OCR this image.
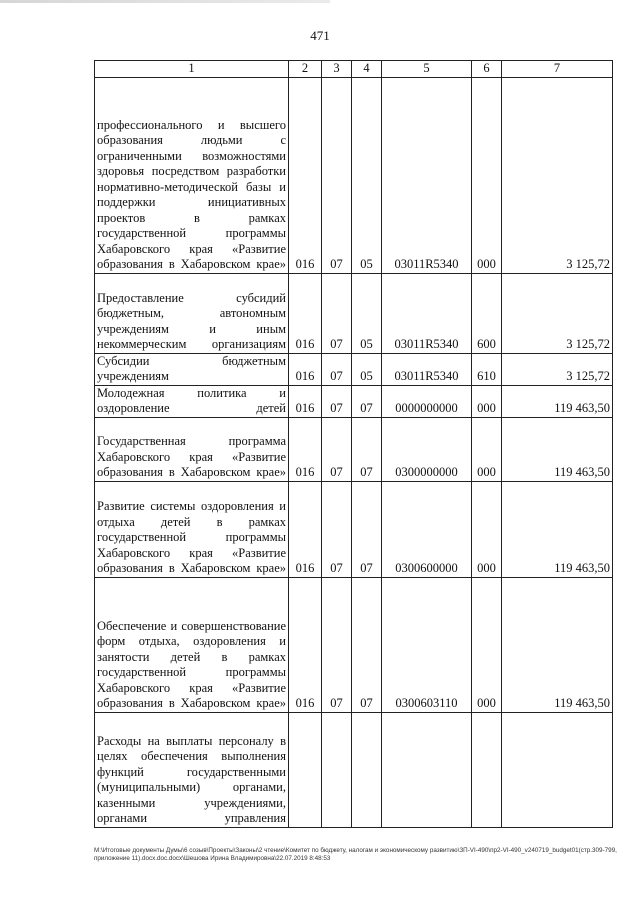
471
1	2	3	4	5	6	7
профессионального и высшего образования людьми с ограниченными возможностями здоровья посредством разработки нормативно-методической базы и поддержки инициативных проектов в рамках государственной программы Хабаровского края «Развитие образования в Хабаровском крае»	016	07	05	03011R5340	000	3 125,72
Предоставление субсидий бюджетным, автономным учреждениям и иным некоммерческим организациям	016	07	05	03011R5340	600	3 125,72
Субсидии бюджетным учреждениям	016	07	05	03011R5340	610	3 125,72
Молодежная политика и оздоровление детей	016	07	07	0000000000	000	119 463,50
Государственная программа Хабаровского края «Развитие образования в Хабаровском крае»	016	07	07	0300000000	000	119 463,50
Развитие системы оздоровления и отдыха детей в рамках государственной программы Хабаровского края «Развитие образования в Хабаровском крае»	016	07	07	0300600000	000	119 463,50
Обеспечение и совершенствование форм отдыха, оздоровления и занятости детей в рамках государственной программы Хабаровского края «Развитие образования в Хабаровском крае»	016	07	07	0300603110	000	119 463,50
Расходы на выплаты персоналу в целях обеспечения выполнения функций государственными (муниципальными) органами, казенными учреждениями, органами управления						
M:\Итоговые документы Думы\6 созыв\Проекты\Законы\2 чтение\Комитет по бюджету, налогам и экономическому развитию\ЗП-VI-490\пр2-VI-490_v240719_budget01(стр.309-799, приложение 11).docx.doc.docx\Шешова Ирина Владимировна\22.07.2019 8:48:53
